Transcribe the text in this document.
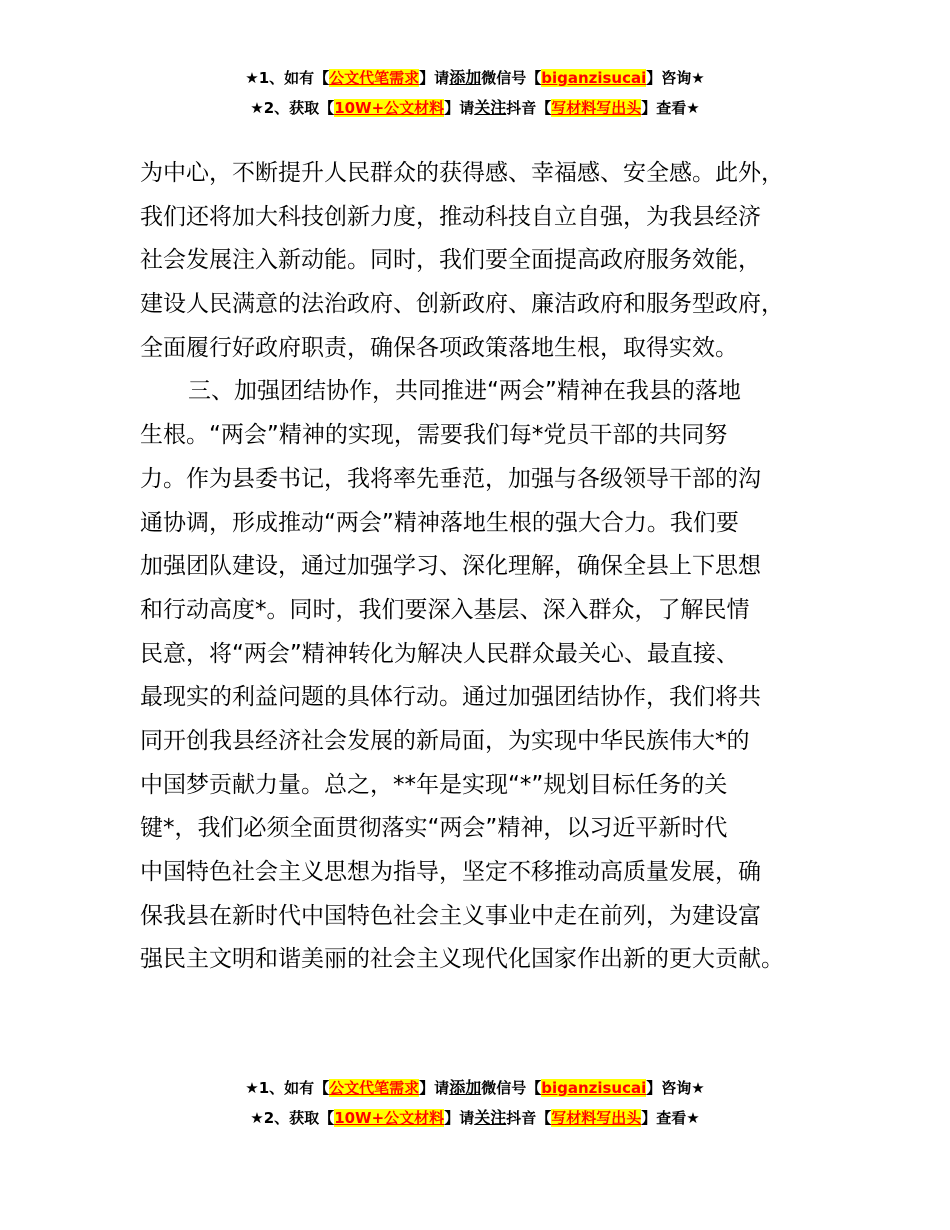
★1、如有【公文代笔需求】请添加微信号【biganzisucai】咨询★
★2、获取【10W+公文材料】请关注抖音【写材料写出头】查看★
为中心，不断提升人民群众的获得感、幸福感、安全感。此外，
我们还将加大科技创新力度，推动科技自立自强，为我县经济
社会发展注入新动能。同时，我们要全面提高政府服务效能，
建设人民满意的法治政府、创新政府、廉洁政府和服务型政府，
全面履行好政府职责，确保各项政策落地生根，取得实效。
三、加强团结协作，共同推进“两会”精神在我县的落地
生根。“两会”精神的实现，需要我们每*党员干部的共同努
力。作为县委书记，我将率先垂范，加强与各级领导干部的沟
通协调，形成推动“两会”精神落地生根的强大合力。我们要
加强团队建设，通过加强学习、深化理解，确保全县上下思想
和行动高度*。同时，我们要深入基层、深入群众，了解民情
民意，将“两会”精神转化为解决人民群众最关心、最直接、
最现实的利益问题的具体行动。通过加强团结协作，我们将共
同开创我县经济社会发展的新局面，为实现中华民族伟大*的
中国梦贡献力量。总之，**年是实现“*”规划目标任务的关
键*，我们必须全面贯彻落实“两会”精神，以习近平新时代
中国特色社会主义思想为指导，坚定不移推动高质量发展，确
保我县在新时代中国特色社会主义事业中走在前列，为建设富
强民主文明和谐美丽的社会主义现代化国家作出新的更大贡献。
★1、如有【公文代笔需求】请添加微信号【biganzisucai】咨询★
★2、获取【10W+公文材料】请关注抖音【写材料写出头】查看★
